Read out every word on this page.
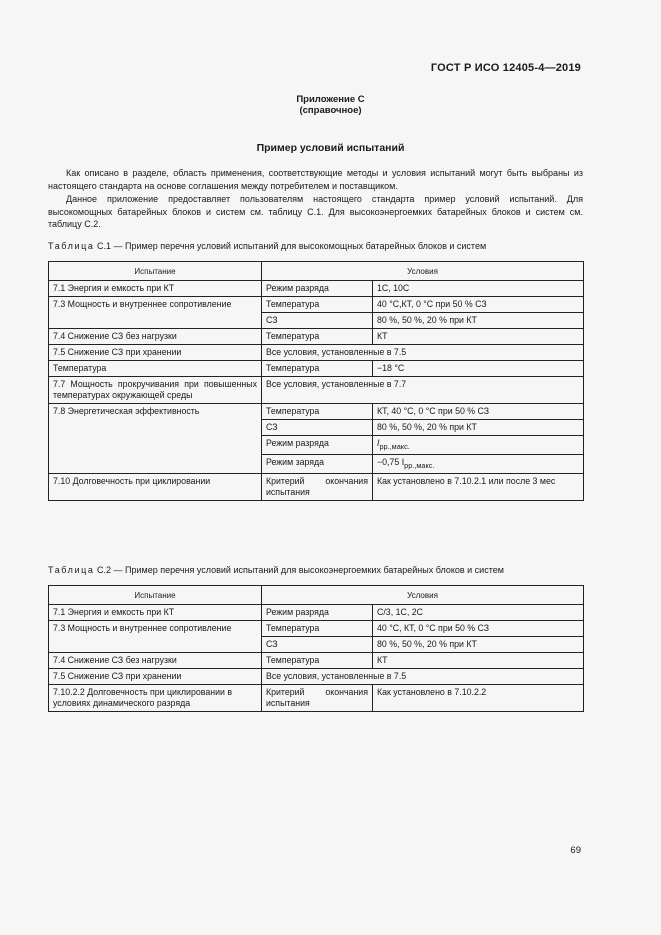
ГОСТ Р ИСО 12405-4—2019
Приложение С
(справочное)
Пример условий испытаний
Как описано в разделе, область применения, соответствующие методы и условия испытаний могут быть выбраны из настоящего стандарта на основе соглашения между потребителем и поставщиком.
Данное приложение предоставляет пользователям настоящего стандарта пример условий испытаний. Для высокомощных батарейных блоков и систем см. таблицу С.1. Для высокоэнергоемких батарейных блоков и систем см. таблицу С.2.
Таблица С.1 — Пример перечня условий испытаний для высокомощных батарейных блоков и систем
Испытание	Условия	
7.1 Энергия и емкость при КТ	Режим разряда	1С, 10С
7.3 Мощность и внутреннее сопротивление	Температура	40 °С,КТ, 0 °С при 50 % СЗ
	СЗ	80 %, 50 %, 20 % при КТ
7.4 Снижение СЗ без нагрузки	Температура	КТ
7.5 Снижение СЗ при хранении	Все условия, установленные в 7.5	
Температура	Температура	−18 °С
7.7 Мощность прокручивания при повышенных температурах окружающей среды	Все условия, установленные в 7.7	
7.8 Энергетическая эффективность	Температура	КТ, 40 °С, 0 °С при 50 % СЗ
	СЗ	80 %, 50 %, 20 % при КТ
	Режим разряда	$I_{рр.,макс.}$
	Режим заряда	−0,75 $I_{рр.,макс.}$
7.10 Долговечность при циклировании	Критерий окончания испытания	Как установлено в 7.10.2.1 или после 3 мес
Таблица С.2 — Пример перечня условий испытаний для высокоэнергоемких батарейных блоков и систем
Испытание	Условия	
7.1 Энергия и емкость при КТ	Режим разряда	С/3, 1С, 2С
7.3 Мощность и внутреннее сопротивление	Температура	40 °С, КТ, 0 °С при 50 % СЗ
	СЗ	80 %, 50 %, 20 % при КТ
7.4 Снижение СЗ без нагрузки	Температура	КТ
7.5 Снижение СЗ при хранении	Все условия, установленные в 7.5	
7.10.2.2 Долговечность при циклировании в условиях динамического разряда	Критерий окончания испытания	Как установлено в 7.10.2.2
69
